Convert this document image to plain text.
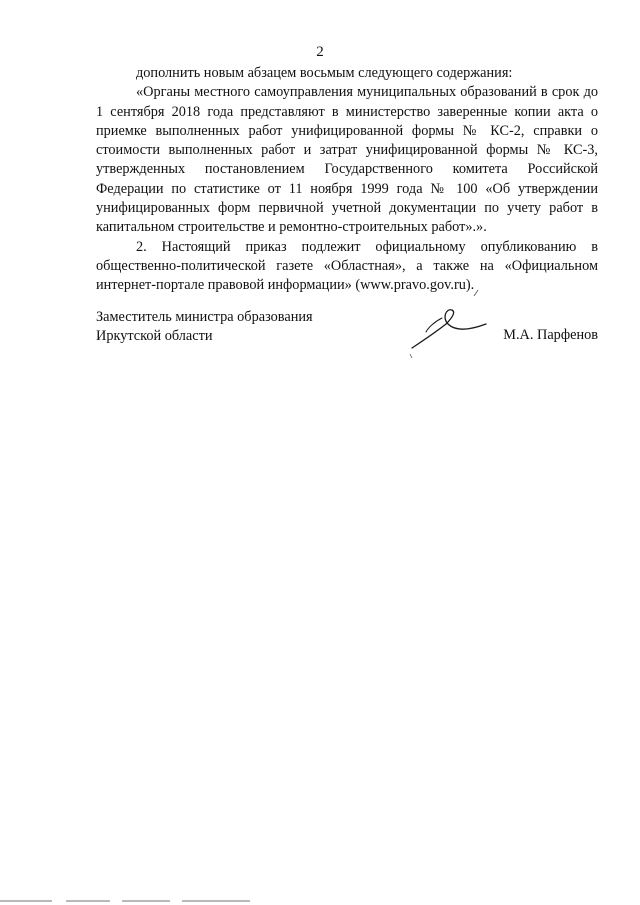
2

дополнить новым абзацем восьмым следующего содержания:

«Органы местного самоуправления муниципальных образований в срок до 1 сентября 2018 года представляют в министерство заверенные копии акта о приемке выполненных работ унифицированной формы № КС-2, справки о стоимости выполненных работ и затрат унифицированной формы № КС-3, утвержденных постановлением Государственного комитета Российской Федерации по статистике от 11 ноября 1999 года № 100 «Об утверждении унифицированных форм первичной учетной документации по учету работ в капитальном строительстве и ремонтно-строительных работ».».

2. Настоящий приказ подлежит официальному опубликованию в общественно-политической газете «Областная», а также на «Официальном интернет-портале правовой информации» (www.pravo.gov.ru).

Заместитель министра образования
Иркутской области	М.А. Парфенов
